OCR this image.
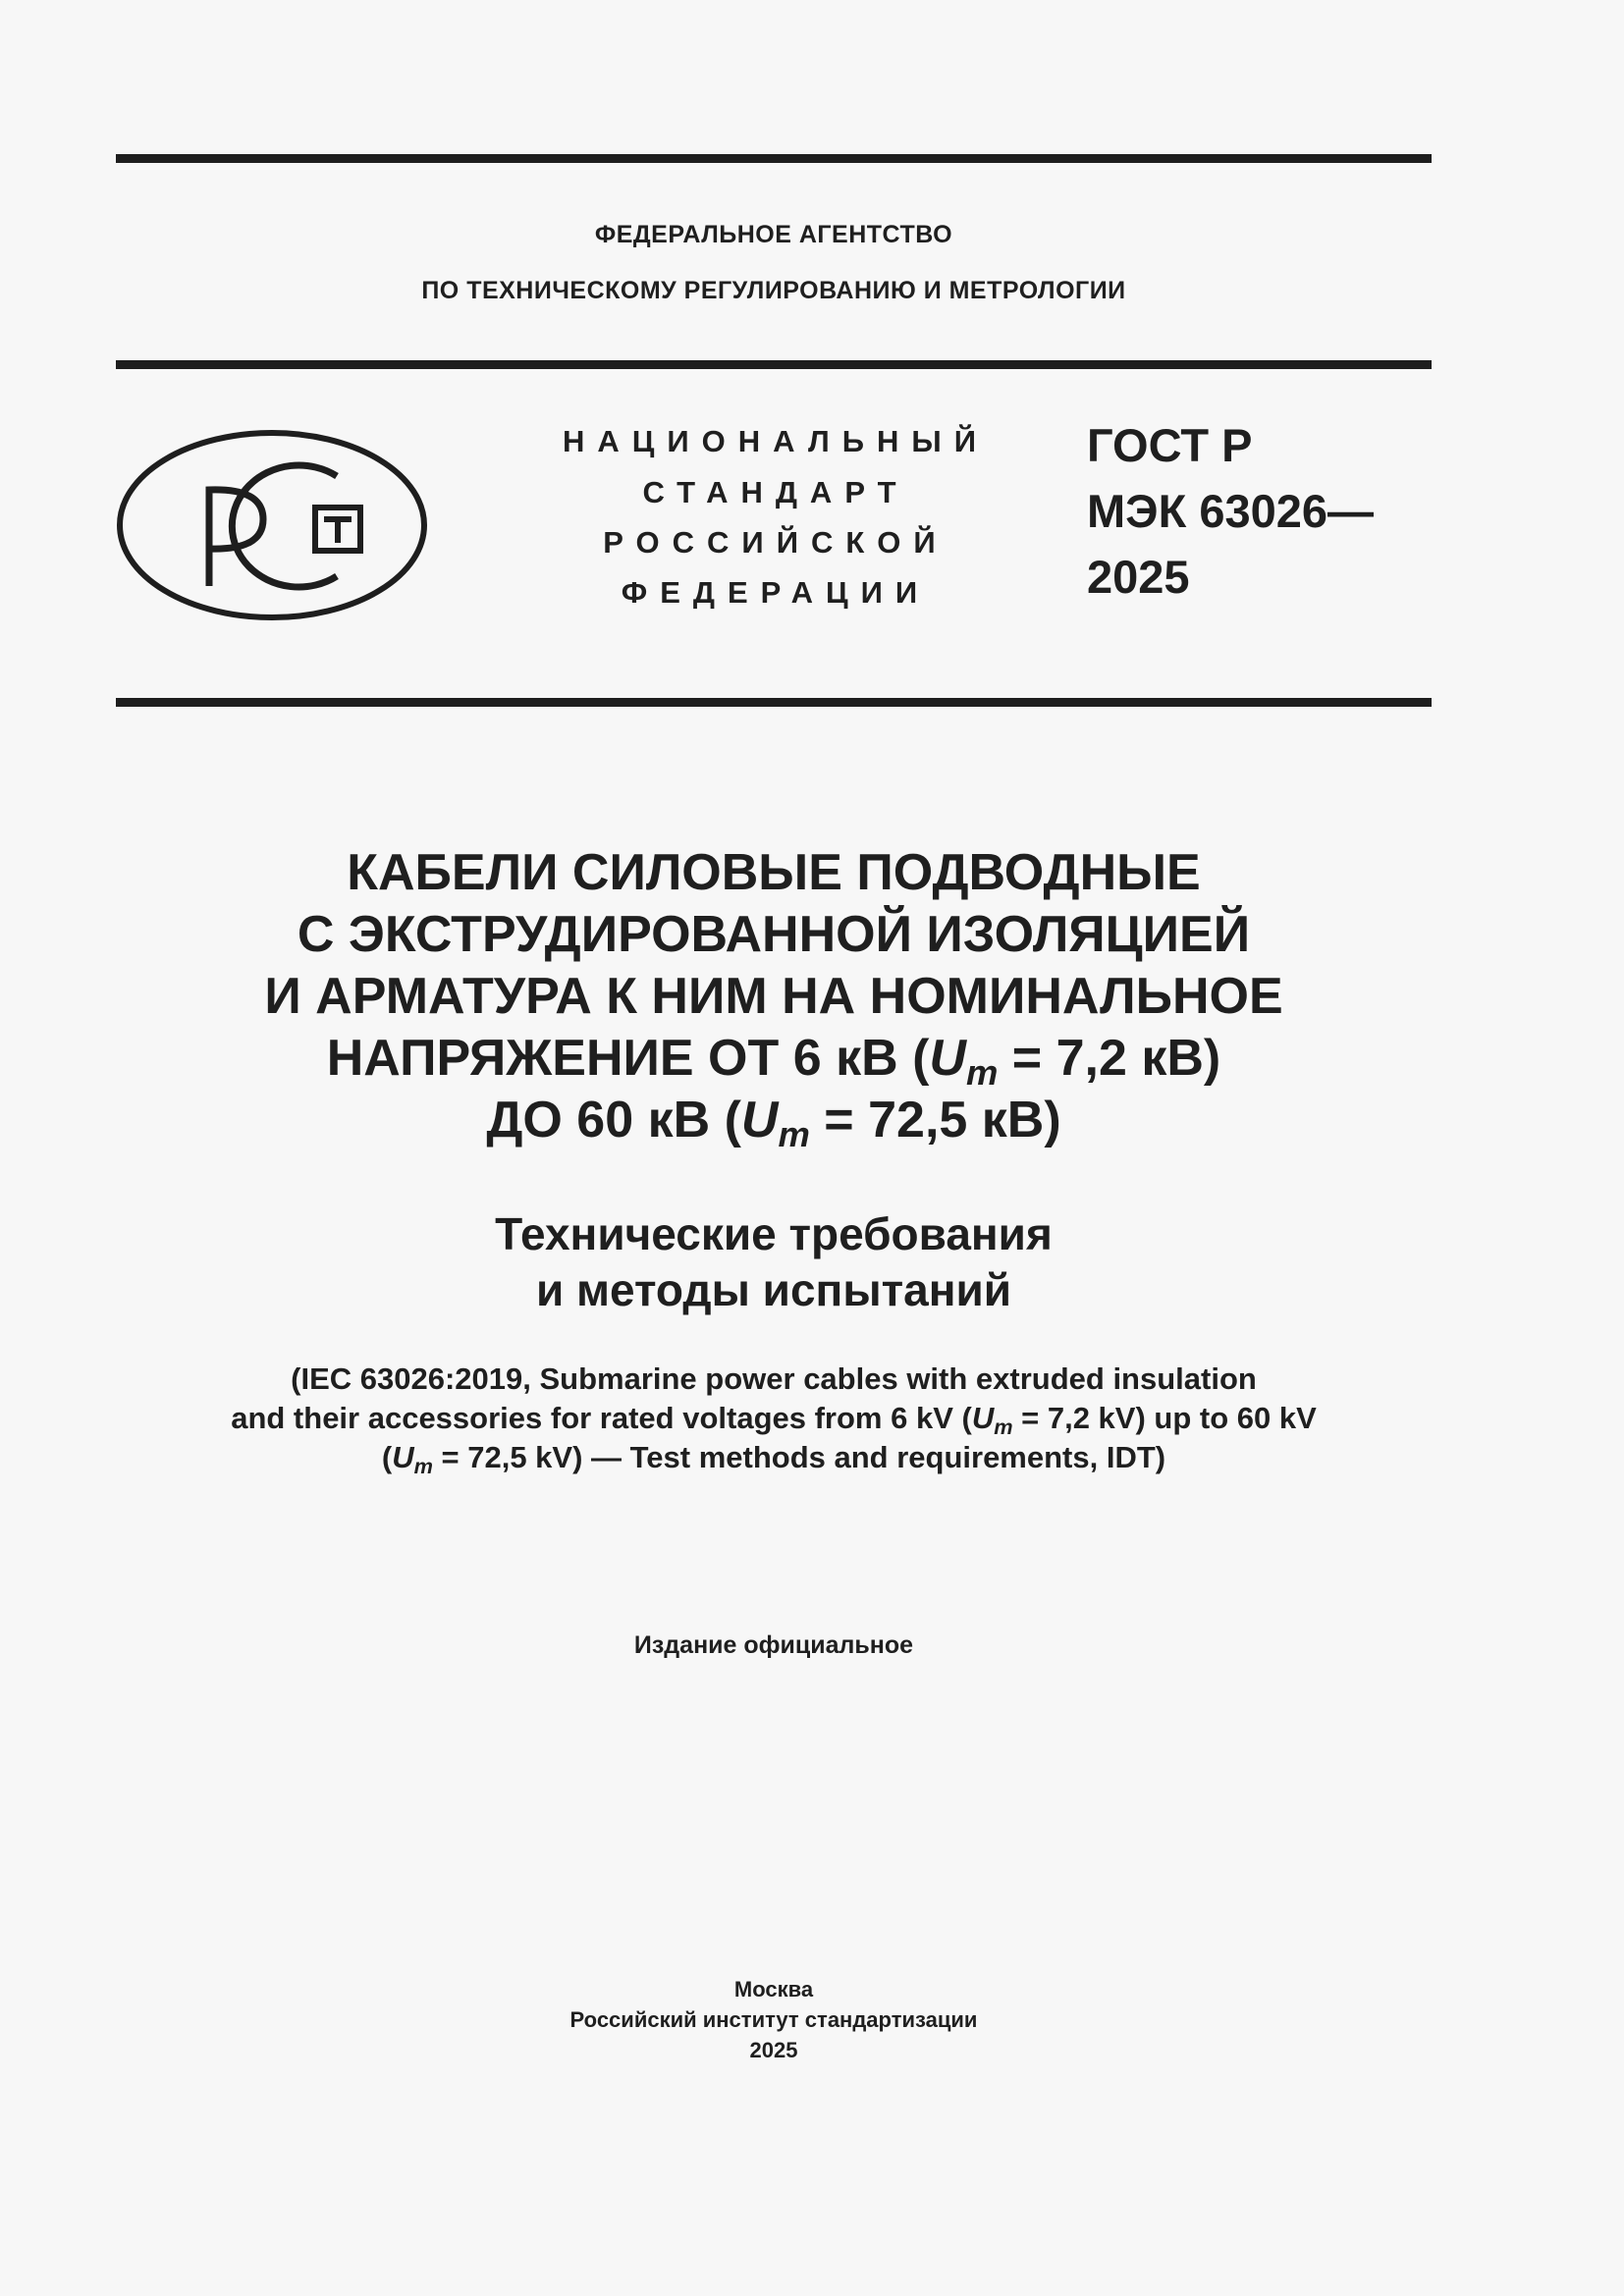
ФЕДЕРАЛЬНОЕ АГЕНТСТВО
ПО ТЕХНИЧЕСКОМУ РЕГУЛИРОВАНИЮ И МЕТРОЛОГИИ
НАЦИОНАЛЬНЫЙ
СТАНДАРТ
РОССИЙСКОЙ
ФЕДЕРАЦИИ
ГОСТ Р
МЭК 63026—
2025
КАБЕЛИ СИЛОВЫЕ ПОДВОДНЫЕ
С ЭКСТРУДИРОВАННОЙ ИЗОЛЯЦИЕЙ
И АРМАТУРА К НИМ НА НОМИНАЛЬНОЕ
НАПРЯЖЕНИЕ ОТ 6 кВ ($U_m = 7,2$ кВ)
ДО 60 кВ ($U_m = 72,5$ кВ)
Технические требования
и методы испытаний
(IEC 63026:2019, Submarine power cables with extruded insulation
and their accessories for rated voltages from 6 kV ($U_m = 7,2$ kV) up to 60 kV
($U_m = 72,5$ kV) — Test methods and requirements, IDT)
Издание официальное
Москва
Российский институт стандартизации
2025
